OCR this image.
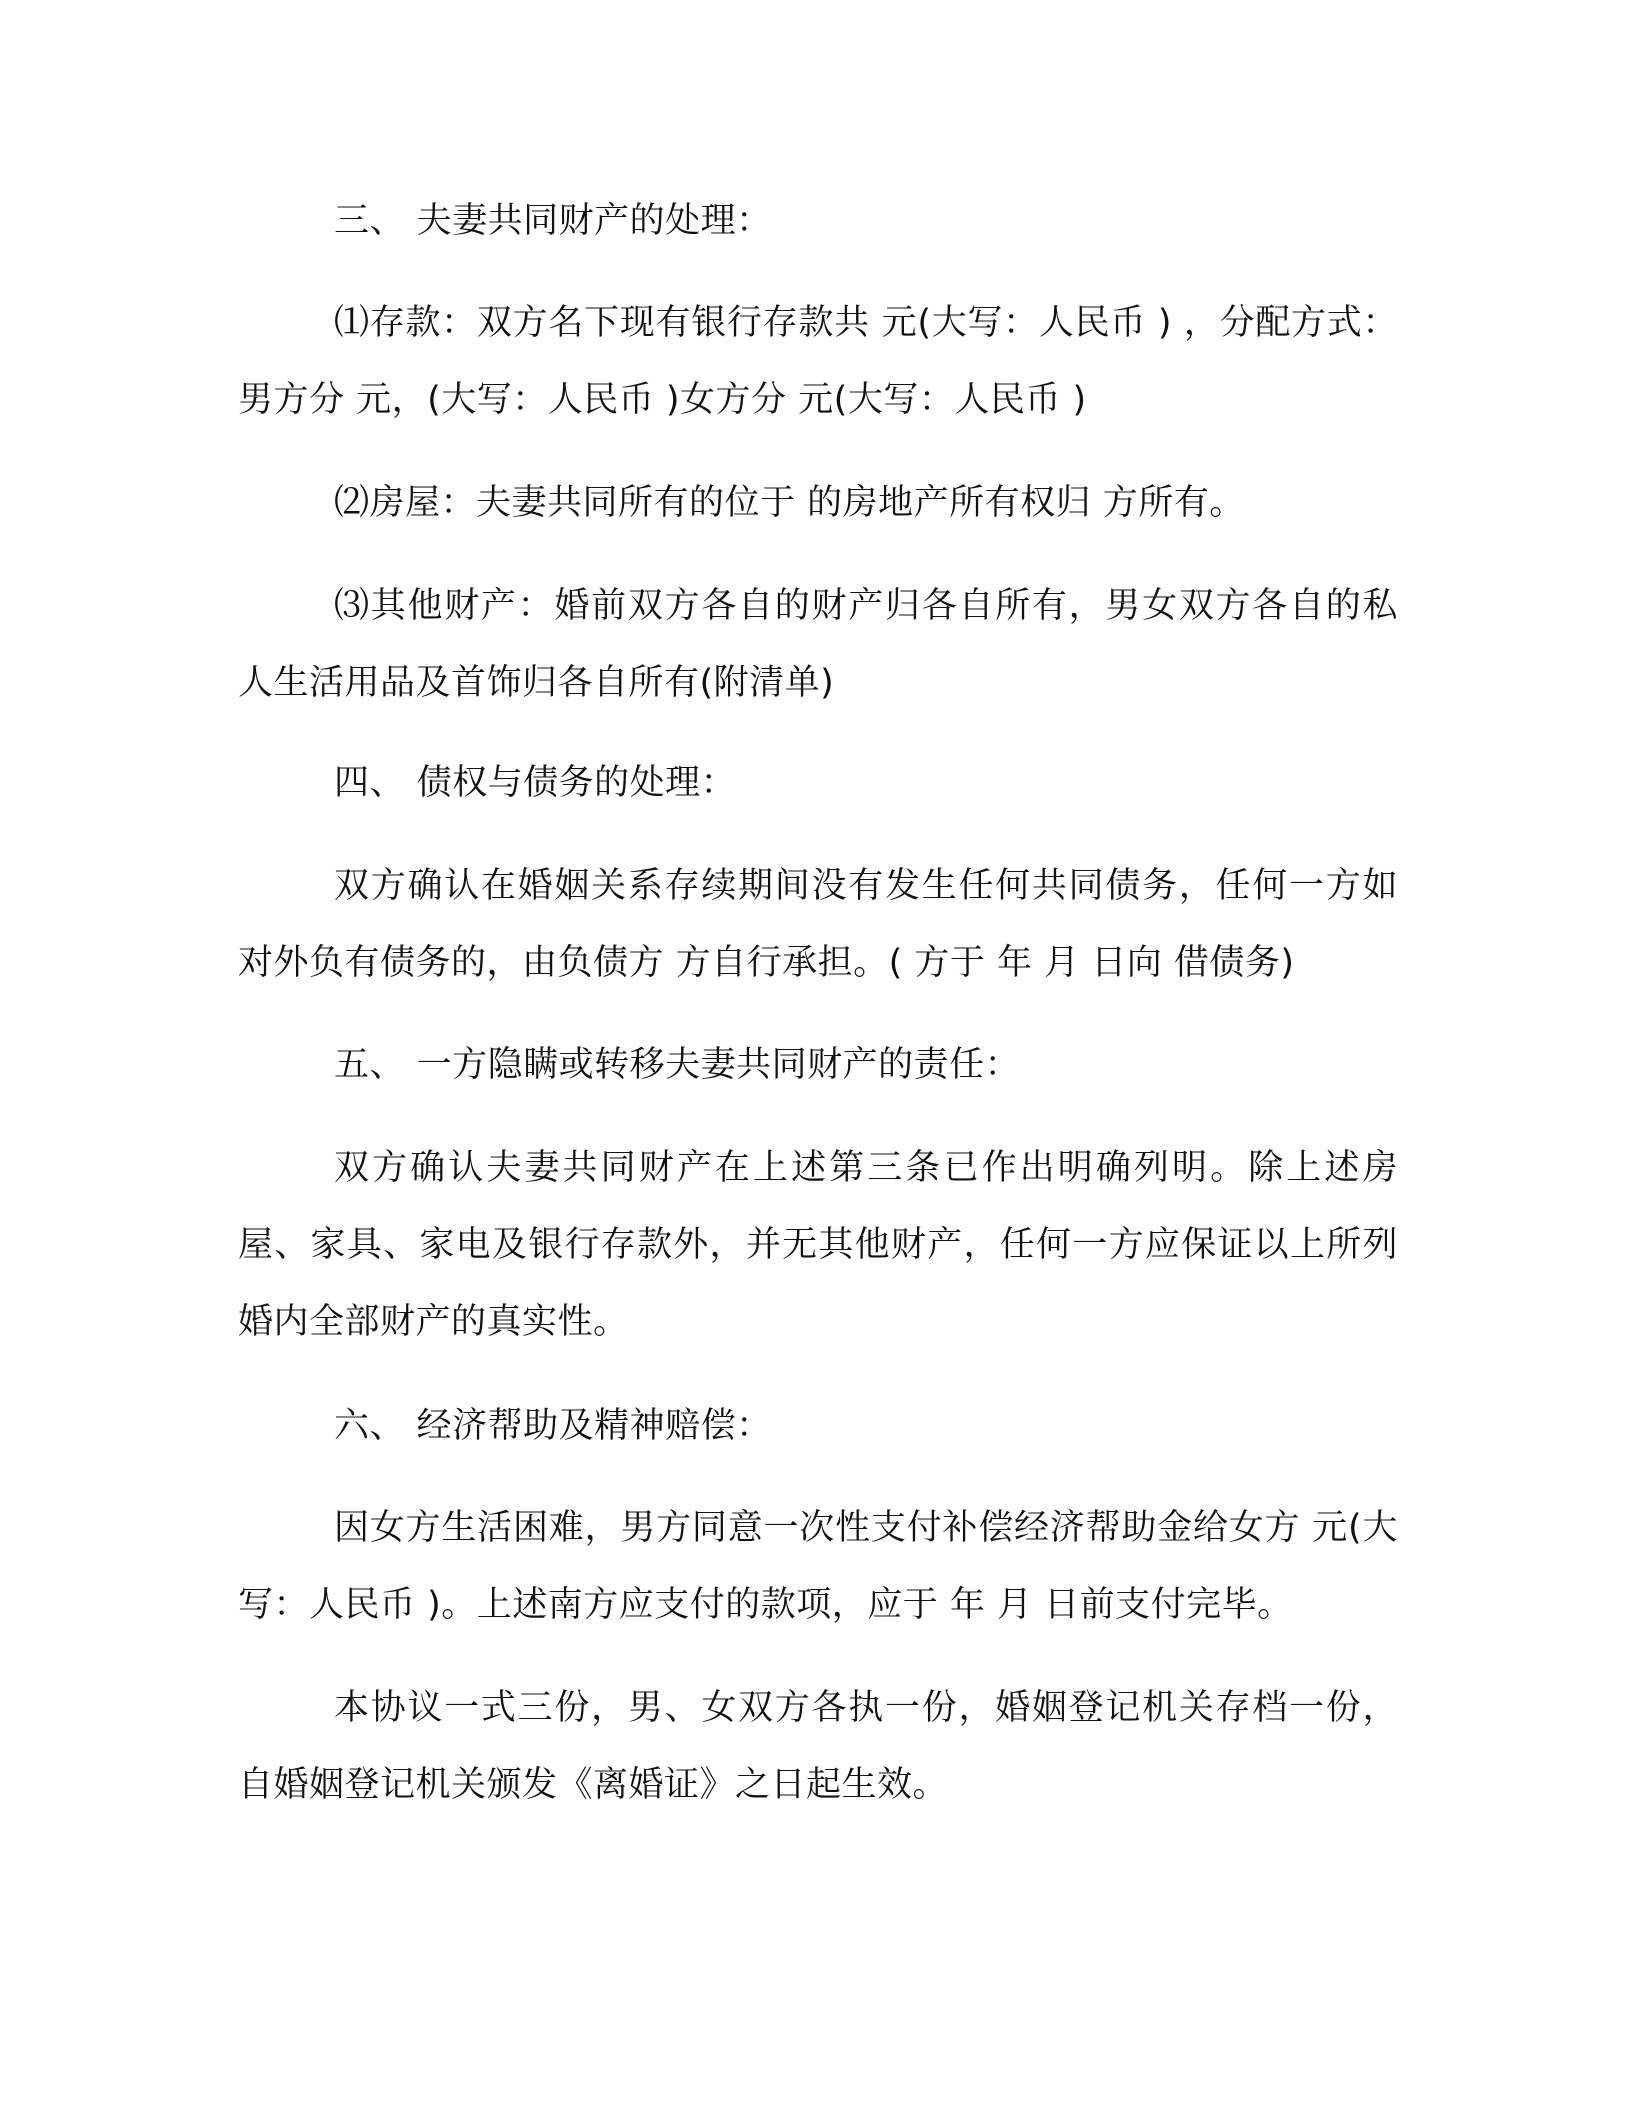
三、 夫妻共同财产的处理：

⑴存款：双方名下现有银行存款共 元(大写：人民币 ) ，分配方式：男方分 元，(大写：人民币 )女方分 元(大写：人民币 )

⑵房屋：夫妻共同所有的位于 的房地产所有权归 方所有。

⑶其他财产：婚前双方各自的财产归各自所有，男女双方各自的私人生活用品及首饰归各自所有(附清单)

四、 债权与债务的处理：

双方确认在婚姻关系存续期间没有发生任何共同债务，任何一方如对外负有债务的，由负债方 方自行承担。( 方于 年 月 日向 借债务)

五、 一方隐瞒或转移夫妻共同财产的责任：

双方确认夫妻共同财产在上述第三条已作出明确列明。除上述房屋、家具、家电及银行存款外，并无其他财产，任何一方应保证以上所列婚内全部财产的真实性。

六、 经济帮助及精神赔偿：

因女方生活困难，男方同意一次性支付补偿经济帮助金给女方 元(大写：人民币 )。上述南方应支付的款项，应于 年 月 日前支付完毕。

本协议一式三份，男、女双方各执一份，婚姻登记机关存档一份，自婚姻登记机关颁发《离婚证》之日起生效。
